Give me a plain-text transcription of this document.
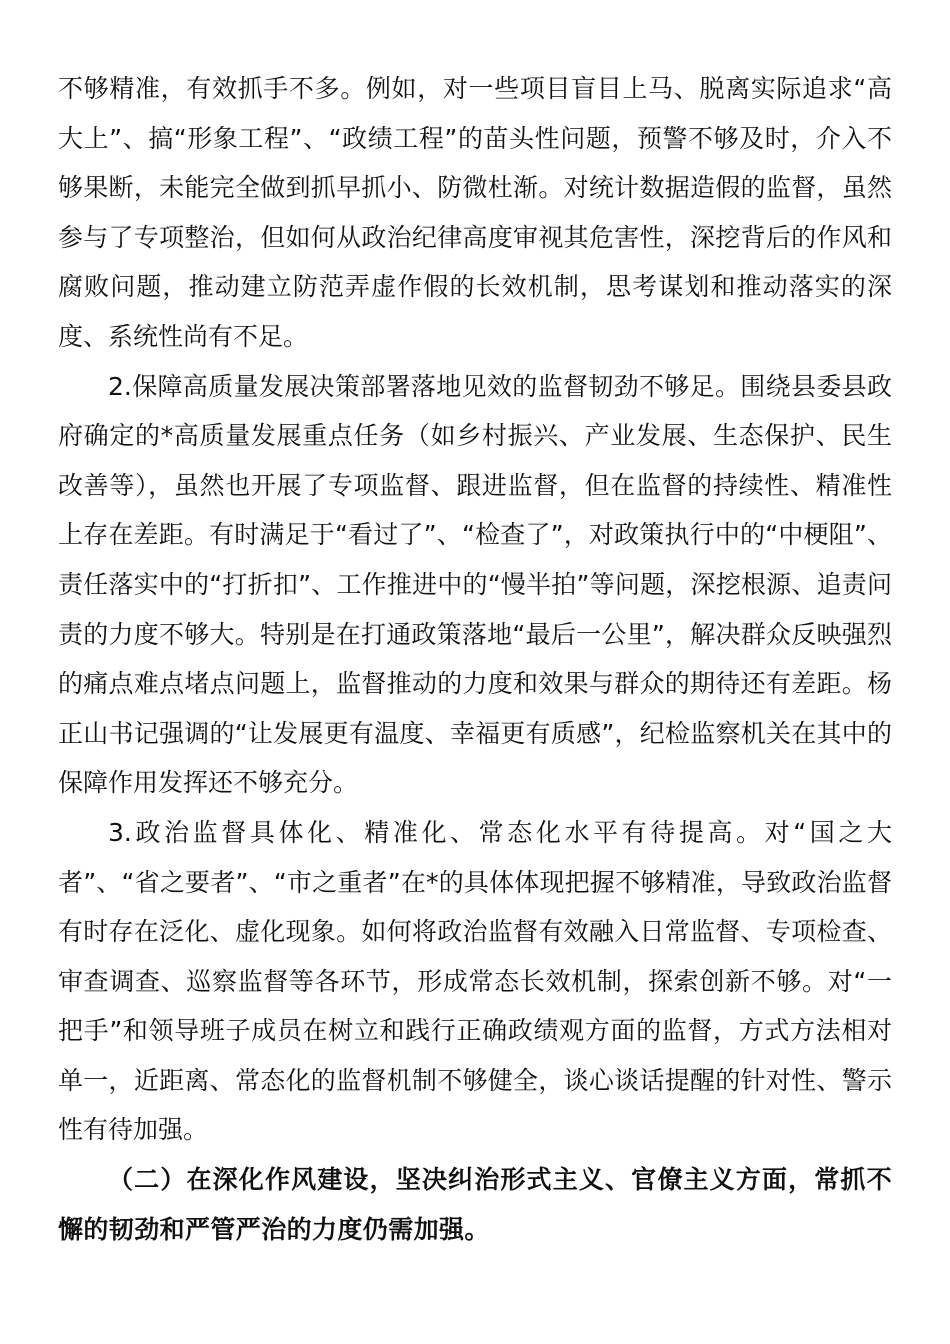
不够精准，有效抓手不多。例如，对一些项目盲目上马、脱离实际追求“高大上”、搞“形象工程”、“政绩工程”的苗头性问题，预警不够及时，介入不够果断，未能完全做到抓早抓小、防微杜渐。对统计数据造假的监督，虽然参与了专项整治，但如何从政治纪律高度审视其危害性，深挖背后的作风和腐败问题，推动建立防范弄虚作假的长效机制，思考谋划和推动落实的深度、系统性尚有不足。

2.保障高质量发展决策部署落地见效的监督韧劲不够足。围绕县委县政府确定的*高质量发展重点任务（如乡村振兴、产业发展、生态保护、民生改善等），虽然也开展了专项监督、跟进监督，但在监督的持续性、精准性上存在差距。有时满足于“看过了”、“检查了”，对政策执行中的“中梗阻”、责任落实中的“打折扣”、工作推进中的“慢半拍”等问题，深挖根源、追责问责的力度不够大。特别是在打通政策落地“最后一公里”，解决群众反映强烈的痛点难点堵点问题上，监督推动的力度和效果与群众的期待还有差距。杨正山书记强调的“让发展更有温度、幸福更有质感”，纪检监察机关在其中的保障作用发挥还不够充分。

3.政治监督具体化、精准化、常态化水平有待提高。对“国之大者”、“省之要者”、“市之重者”在*的具体体现把握不够精准，导致政治监督有时存在泛化、虚化现象。如何将政治监督有效融入日常监督、专项检查、审查调查、巡察监督等各环节，形成常态长效机制，探索创新不够。对“一把手”和领导班子成员在树立和践行正确政绩观方面的监督，方式方法相对单一，近距离、常态化的监督机制不够健全，谈心谈话提醒的针对性、警示性有待加强。

（二）在深化作风建设，坚决纠治形式主义、官僚主义方面，常抓不懈的韧劲和严管严治的力度仍需加强。
